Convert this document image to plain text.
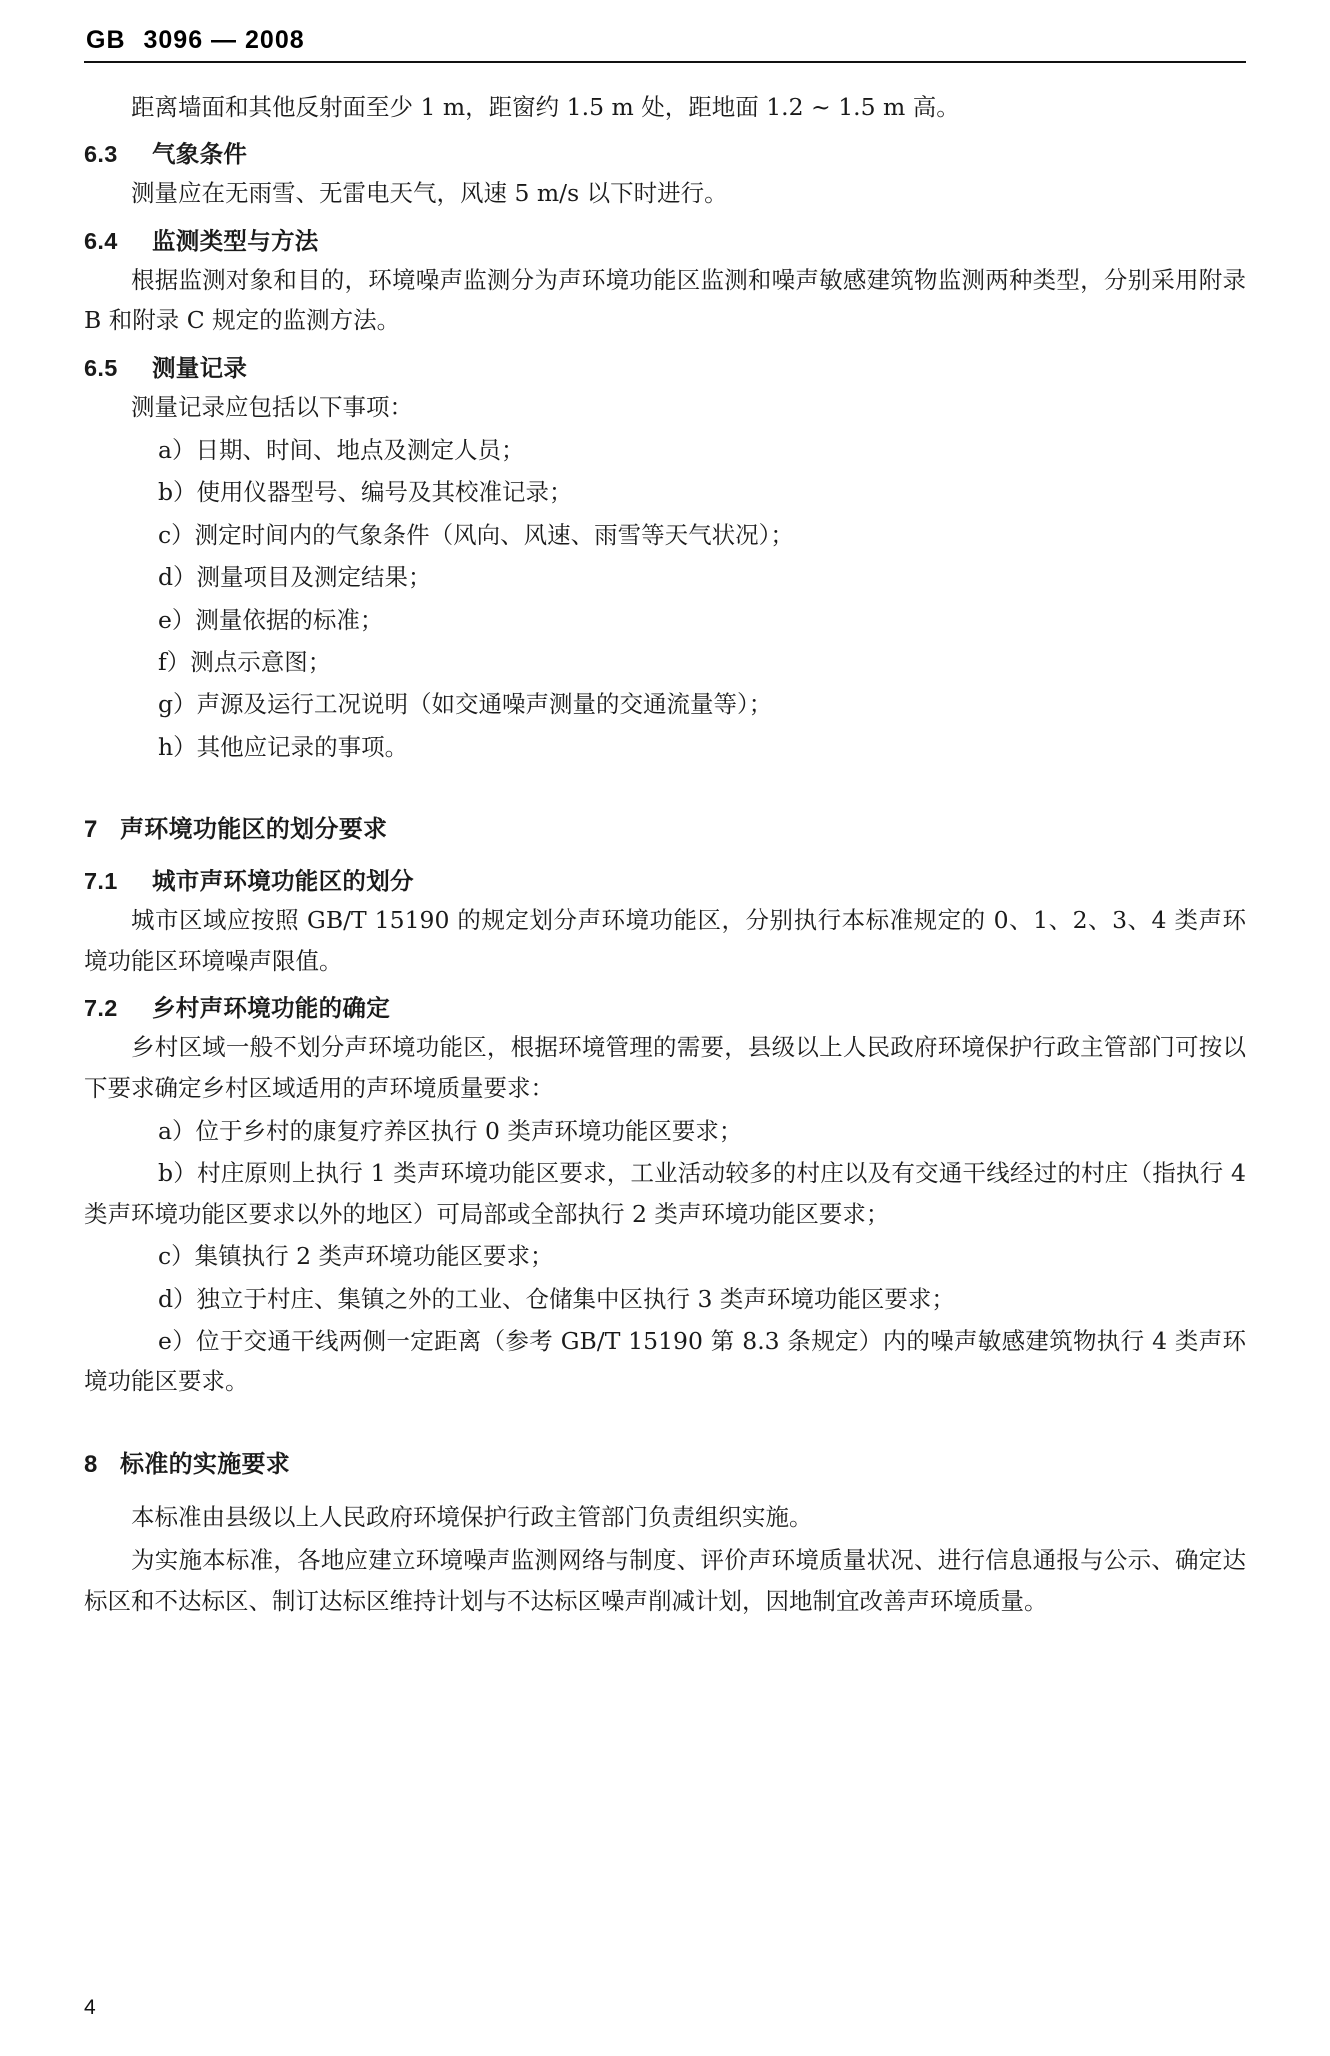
GB 3096 — 2008

距离墙面和其他反射面至少 1 m，距窗约 1.5 m 处，距地面 1.2 ~ 1.5 m 高。

6.3 气象条件

测量应在无雨雪、无雷电天气，风速 5 m/s 以下时进行。

6.4 监测类型与方法

根据监测对象和目的，环境噪声监测分为声环境功能区监测和噪声敏感建筑物监测两种类型，分别采用附录 B 和附录 C 规定的监测方法。

6.5 测量记录

测量记录应包括以下事项：

a）日期、时间、地点及测定人员；

b）使用仪器型号、编号及其校准记录；

c）测定时间内的气象条件（风向、风速、雨雪等天气状况）；

d）测量项目及测定结果；

e）测量依据的标准；

f）测点示意图；

g）声源及运行工况说明（如交通噪声测量的交通流量等）；

h）其他应记录的事项。

7 声环境功能区的划分要求
7.1 城市声环境功能区的划分

城市区域应按照 GB/T 15190 的规定划分声环境功能区，分别执行本标准规定的 0、1、2、3、4 类声环境功能区环境噪声限值。

7.2 乡村声环境功能的确定

乡村区域一般不划分声环境功能区，根据环境管理的需要，县级以上人民政府环境保护行政主管部门可按以下要求确定乡村区域适用的声环境质量要求：

a）位于乡村的康复疗养区执行 0 类声环境功能区要求；

b）村庄原则上执行 1 类声环境功能区要求，工业活动较多的村庄以及有交通干线经过的村庄（指执行 4 类声环境功能区要求以外的地区）可局部或全部执行 2 类声环境功能区要求；

c）集镇执行 2 类声环境功能区要求；

d）独立于村庄、集镇之外的工业、仓储集中区执行 3 类声环境功能区要求；

e）位于交通干线两侧一定距离（参考 GB/T 15190 第 8.3 条规定）内的噪声敏感建筑物执行 4 类声环境功能区要求。

8 标准的实施要求

本标准由县级以上人民政府环境保护行政主管部门负责组织实施。

为实施本标准，各地应建立环境噪声监测网络与制度、评价声环境质量状况、进行信息通报与公示、确定达标区和不达标区、制订达标区维持计划与不达标区噪声削减计划，因地制宜改善声环境质量。

4
